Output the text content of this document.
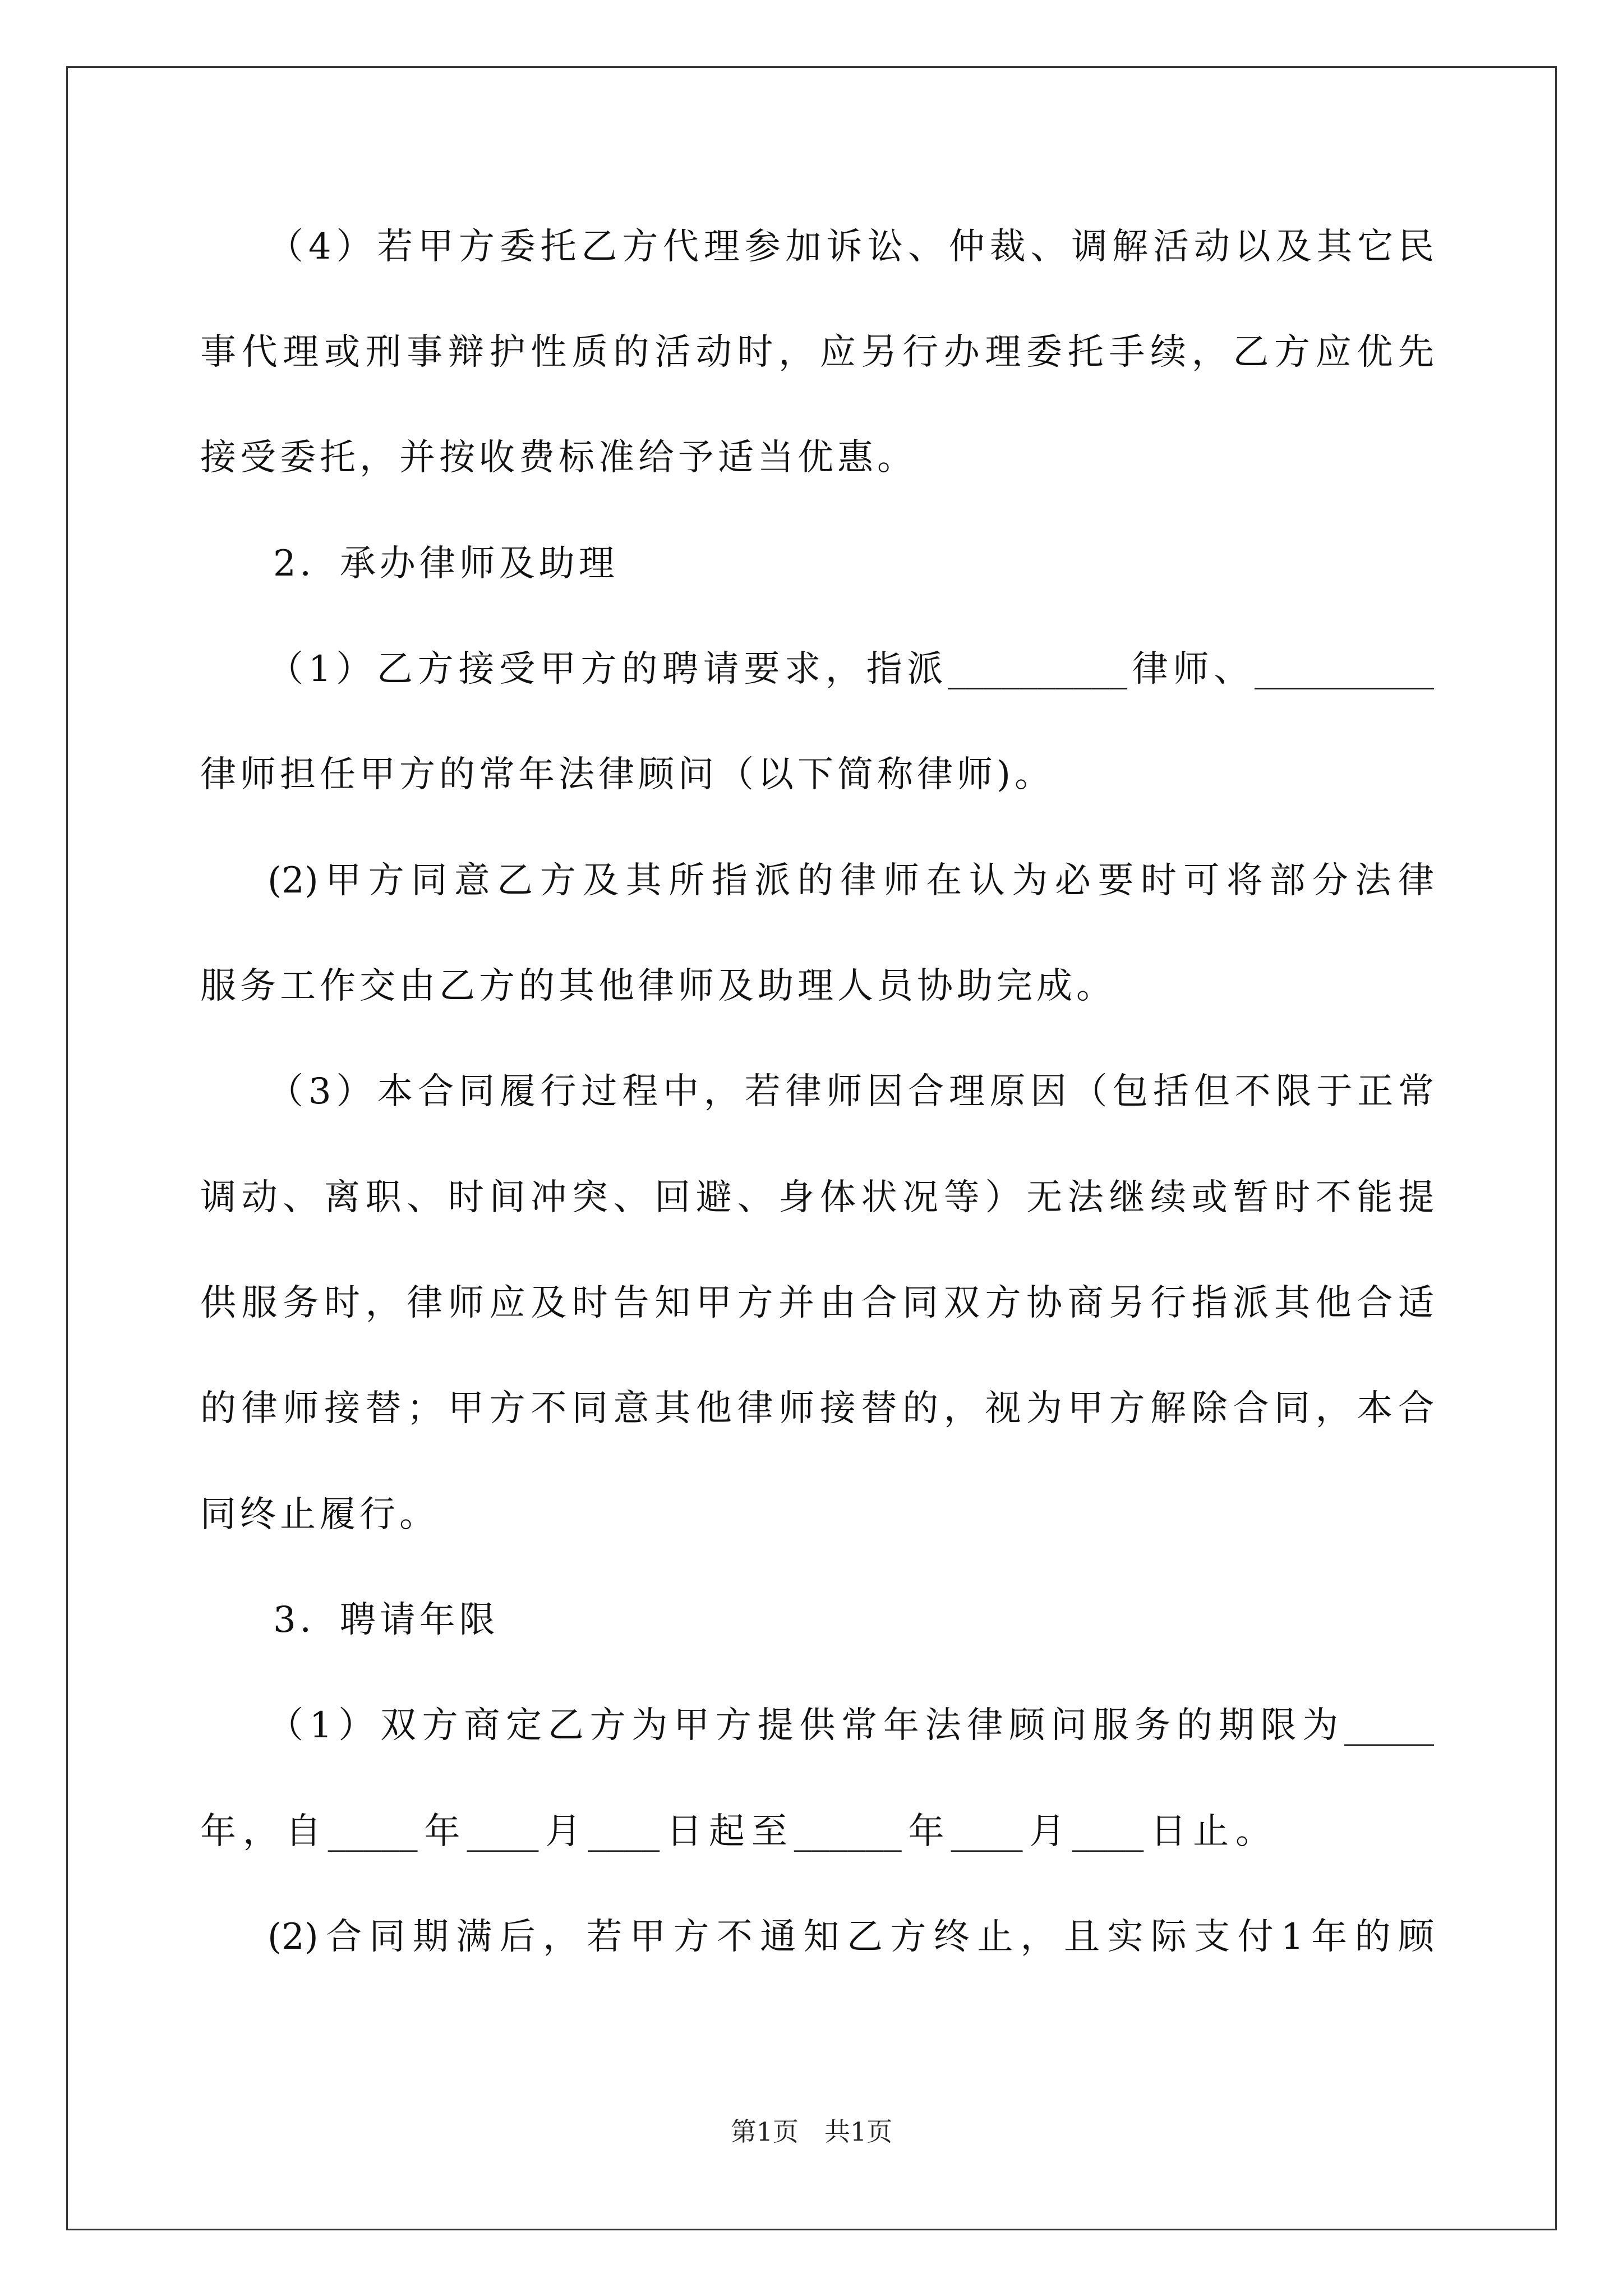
（4）若甲方委托乙方代理参加诉讼、仲裁、调解活动以及其它民
事代理或刑事辩护性质的活动时，应另行办理委托手续，乙方应优先
接受委托，并按收费标准给予适当优惠。
2．承办律师及助理
（1）乙方接受甲方的聘请要求，指派__________律师、__________
律师担任甲方的常年法律顾问（以下简称律师)。
(2)甲方同意乙方及其所指派的律师在认为必要时可将部分法律
服务工作交由乙方的其他律师及助理人员协助完成。
（3）本合同履行过程中，若律师因合理原因（包括但不限于正常
调动、离职、时间冲突、回避、身体状况等）无法继续或暂时不能提
供服务时，律师应及时告知甲方并由合同双方协商另行指派其他合适
的律师接替；甲方不同意其他律师接替的，视为甲方解除合同，本合
同终止履行。
3．聘请年限
（1）双方商定乙方为甲方提供常年法律顾问服务的期限为_____
年，自_____年____月____日起至______年____月____日止。
(2)合同期满后，若甲方不通知乙方终止，且实际支付1年的顾
第1页　共1页
